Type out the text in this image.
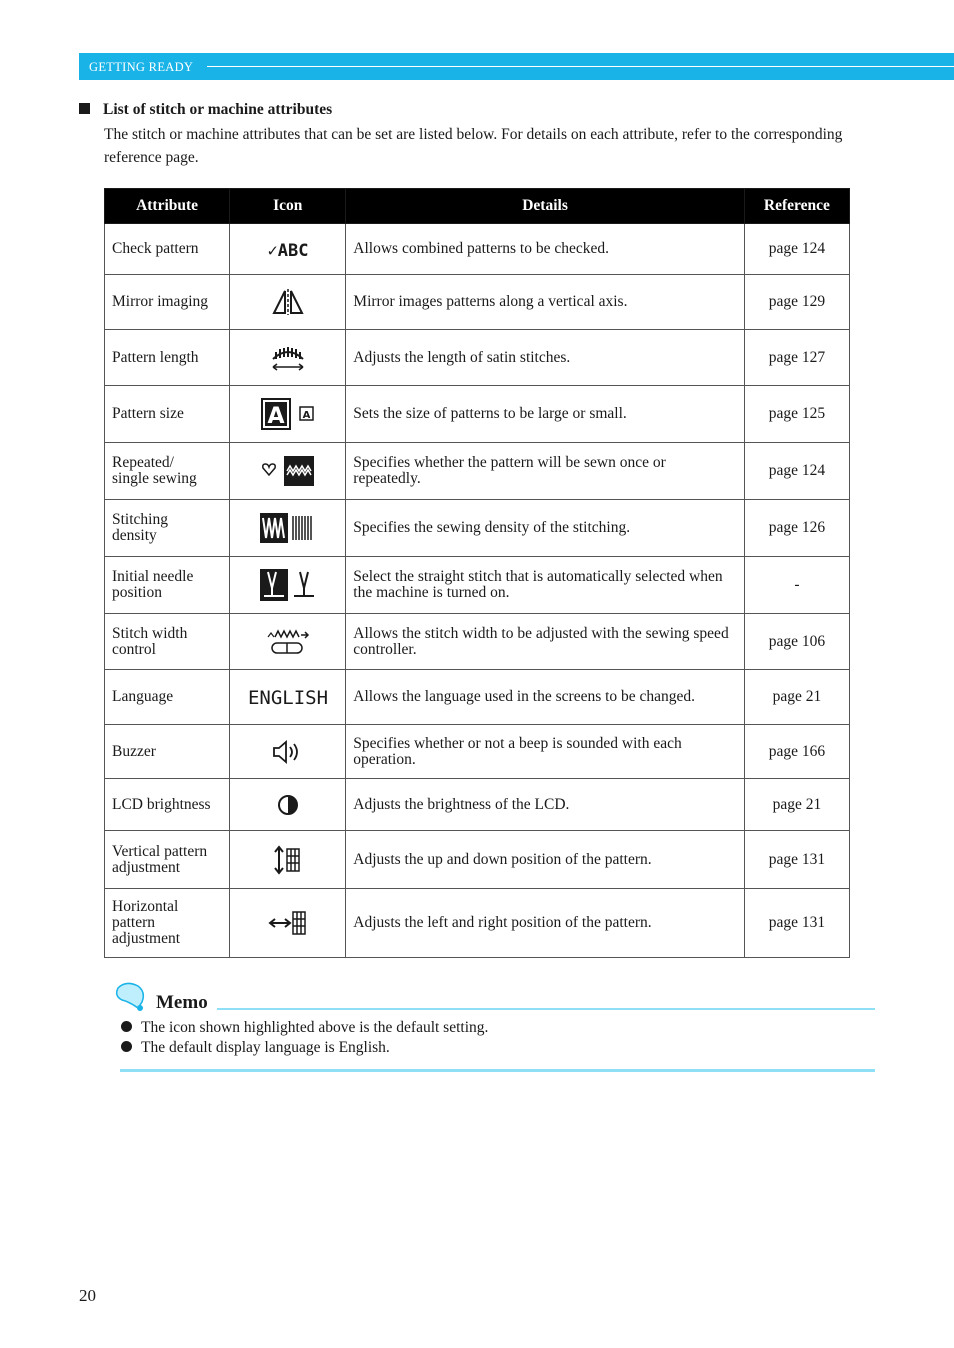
GETTING READY
List of stitch or machine attributes
The stitch or machine attributes that can be set are listed below. For details on each attribute, refer to the corresponding reference page.
Attribute	Icon	Details	Reference
Check pattern	✓ABC	Allows combined patterns to be checked.	page 124
Mirror imaging		Mirror images patterns along a vertical axis.	page 129
Pattern length		Adjusts the length of satin stitches.	page 127
Pattern size	A A	Sets the size of patterns to be large or small.	page 125
Repeated/
single sewing		Specifies whether the pattern will be sewn once or repeatedly.	page 124
Stitching
density		Specifies the sewing density of the stitching.	page 126
Initial needle
position		Select the straight stitch that is automatically selected when the machine is turned on.	-
Stitch width
control		Allows the stitch width to be adjusted with the sewing speed controller.	page 106
Language	ENGLISH	Allows the language used in the screens to be changed.	page 21
Buzzer		Specifies whether or not a beep is sounded with each operation.	page 166
LCD brightness		Adjusts the brightness of the LCD.	page 21
Vertical pattern
adjustment		Adjusts the up and down position of the pattern.	page 131
Horizontal
pattern
adjustment		Adjusts the left and right position of the pattern.	page 131
Memo
The icon shown highlighted above is the default setting.
The default display language is English.
20
